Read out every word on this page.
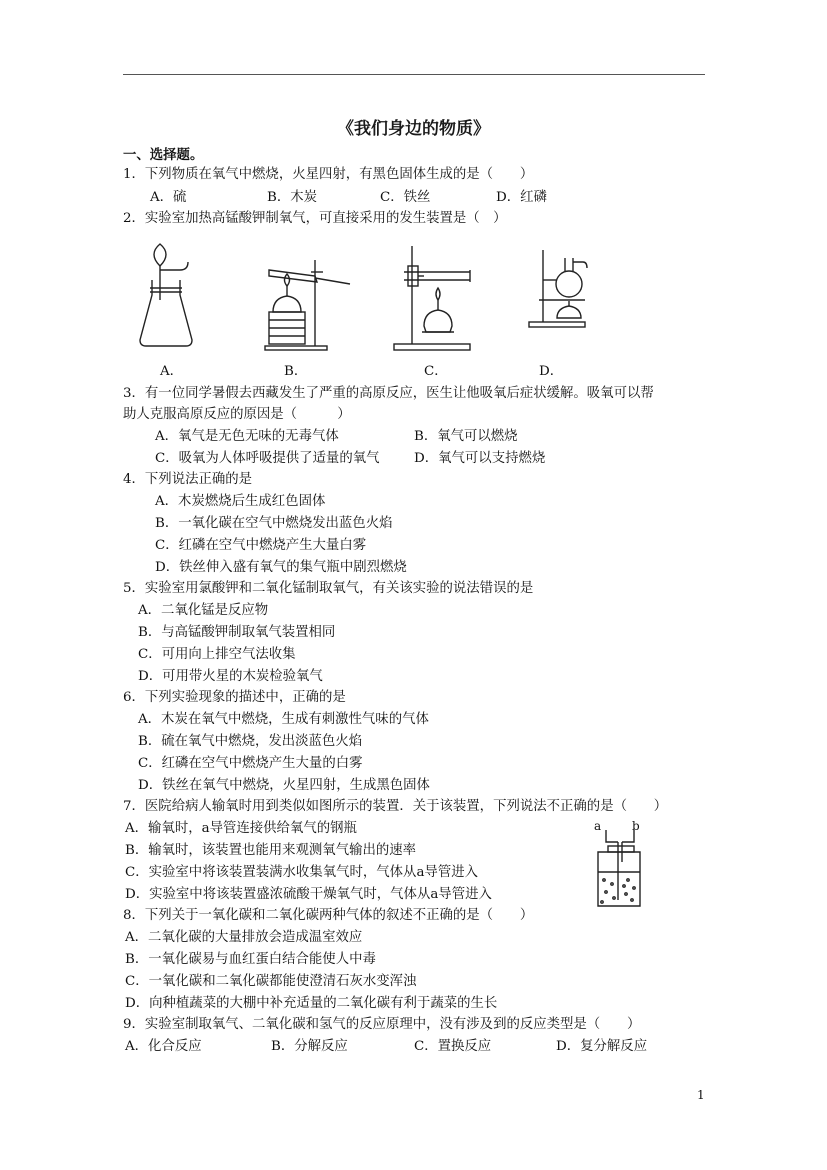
《我们身边的物质》
一、选择题。
1．下列物质在氧气中燃烧，火星四射，有黑色固体生成的是（　　）
A．硫	B．木炭	C．铁丝	D．红磷
2．实验室加热高锰酸钾制氧气，可直接采用的发生装置是（　）
A．	B．	C．	D．
3．有一位同学暑假去西藏发生了严重的高原反应，医生让他吸氧后症状缓解。吸氧可以帮
助人克服高原反应的原因是（　　　）
A．氧气是无色无味的无毒气体	B．氧气可以燃烧
C．吸氧为人体呼吸提供了适量的氧气	D．氧气可以支持燃烧
4．下列说法正确的是
A．木炭燃烧后生成红色固体
B．一氧化碳在空气中燃烧发出蓝色火焰
C．红磷在空气中燃烧产生大量白雾
D．铁丝伸入盛有氧气的集气瓶中剧烈燃烧
5．实验室用氯酸钾和二氧化锰制取氧气，有关该实验的说法错误的是
A．二氧化锰是反应物
B．与高锰酸钾制取氧气装置相同
C．可用向上排空气法收集
D．可用带火星的木炭检验氧气
6．下列实验现象的描述中，正确的是
A．木炭在氧气中燃烧，生成有刺激性气味的气体
B．硫在氧气中燃烧，发出淡蓝色火焰
C．红磷在空气中燃烧产生大量的白雾
D．铁丝在氧气中燃烧，火星四射，生成黑色固体
7．医院给病人输氧时用到类似如图所示的装置．关于该装置，下列说法不正确的是（　　）
A．输氧时，a导管连接供给氧气的钢瓶
B．输氧时，该装置也能用来观测氧气输出的速率
C．实验室中将该装置装满水收集氧气时，气体从a导管进入
D．实验室中将该装置盛浓硫酸干燥氧气时，气体从a导管进入
a	b
8．下列关于一氧化碳和二氧化碳两种气体的叙述不正确的是（　　）
A．二氧化碳的大量排放会造成温室效应
B．一氧化碳易与血红蛋白结合能使人中毒
C．一氧化碳和二氧化碳都能使澄清石灰水变浑浊
D．向种植蔬菜的大棚中补充适量的二氧化碳有利于蔬菜的生长
9．实验室制取氧气、二氧化碳和氢气的反应原理中，没有涉及到的反应类型是（　　）
A．化合反应	B．分解反应	C．置换反应	D．复分解反应
1
